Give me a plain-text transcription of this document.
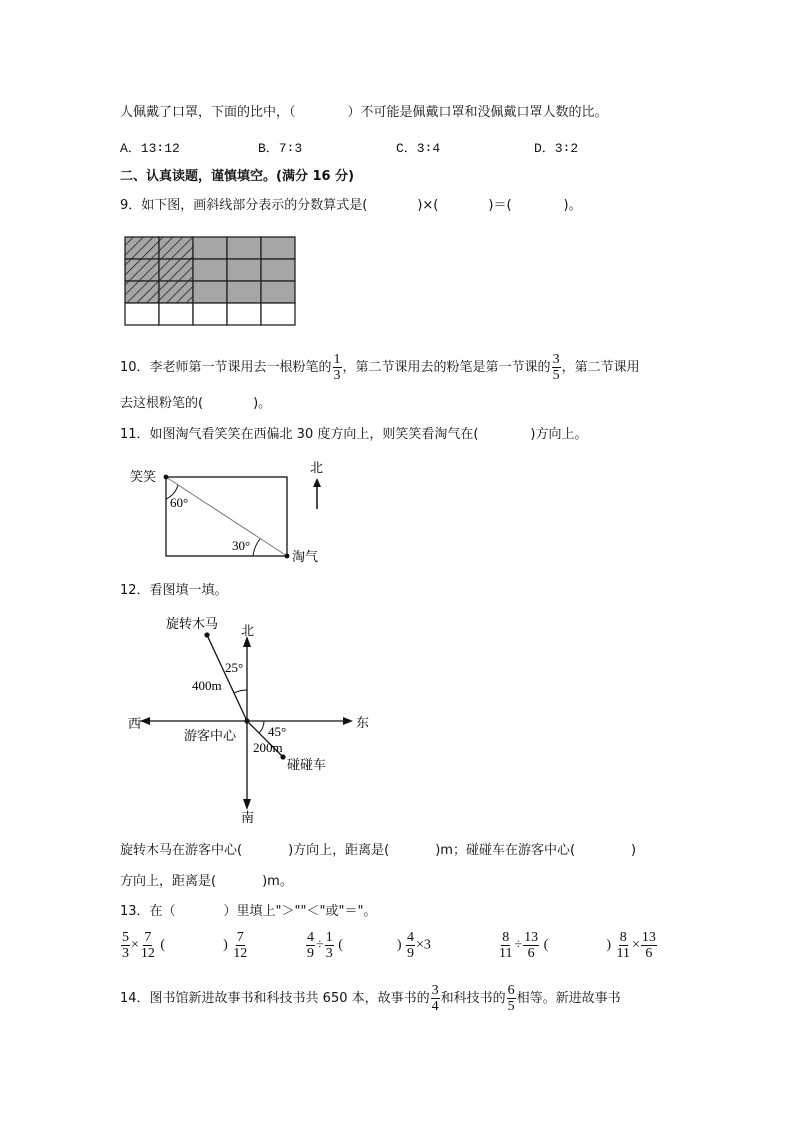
人佩戴了口罩，下面的比中，（	）不可能是佩戴口罩和没佩戴口罩人数的比。
A．13∶12	B．7∶3	C．3∶4	D．3∶2
二、认真读题，谨慎填空。(满分 16 分)
9．如下图，画斜线部分表示的分数算式是(	)×(	)＝(	)。
10．李老师第一节课用去一根粉笔的 $\frac{1}{3}$ ，第二节课用去的粉笔是第一节课的 $\frac{3}{5}$ ，第二节课用
去这根粉笔的(	)。
11．如图淘气看笑笑在西偏北 30 度方向上，则笑笑看淘气在(	)方向上。
60°
30°
笑笑
淘气
北
12．看图填一填。
北
南
东
西
旋转木马
游客中心
碰碰车
25°
45°
400m
200m
旋转木马在游客中心(	)方向上，距离是(	)m；碰碰车在游客中心(	)
方向上，距离是(	)m。
13．在（	）里填上"＞""＜"或"＝"。
$\frac{5}{3} \times \frac{7}{12}$ (	) $\frac{7}{12}$	$\frac{4}{9} \div \frac{1}{3}$ (	) $\frac{4}{9} \times 3$	$\frac{8}{11} \div \frac{13}{6}$ (	) $\frac{8}{11} \times \frac{13}{6}$
14．图书馆新进故事书和科技书共 650 本，故事书的 $\frac{3}{4}$ 和科技书的 $\frac{6}{5}$ 相等。新进故事书
